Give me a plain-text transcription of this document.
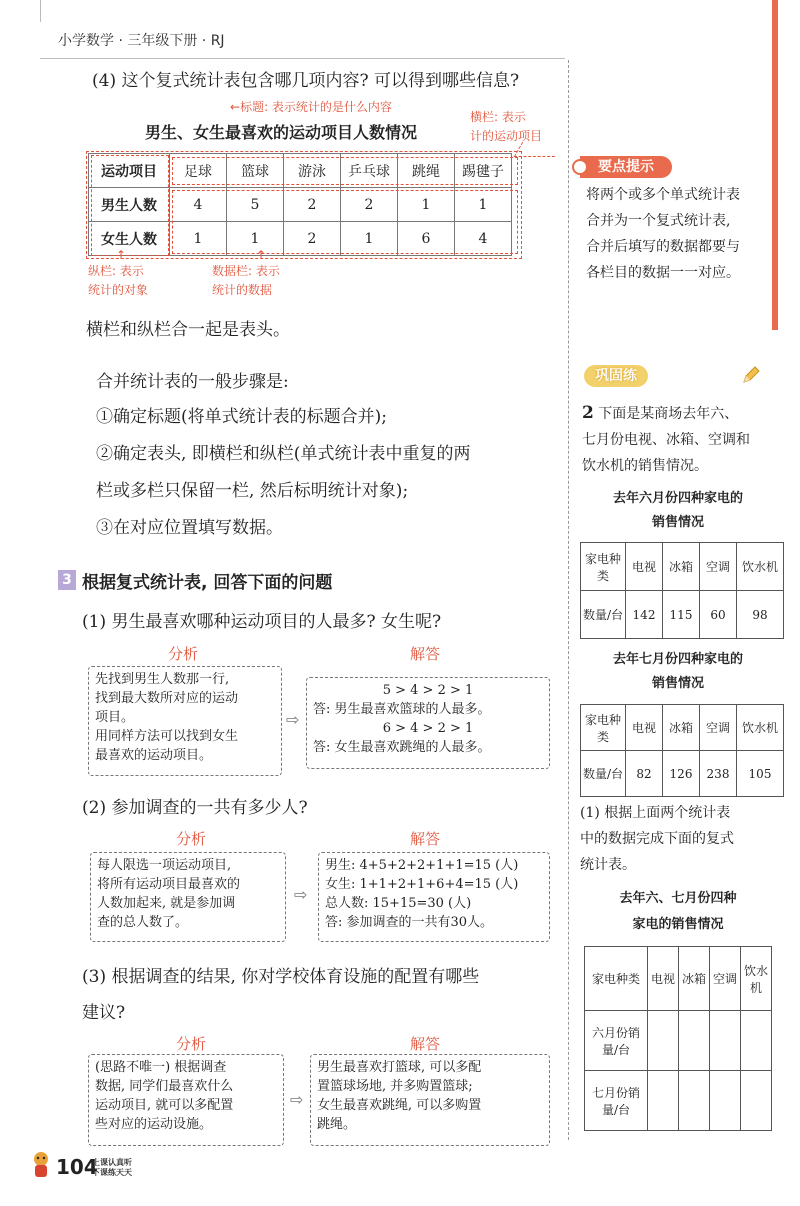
小学数学 · 三年级下册 · RJ
(4) 这个复式统计表包含哪几项内容? 可以得到哪些信息?
←标题: 表示统计的是什么内容
男生、女生最喜欢的运动项目人数情况
横栏: 表示
计的运动项目
运动项目	足球	篮球	游泳	乒乓球	跳绳	踢毽子
男生人数	4	5	2	2	1	1
女生人数	1	1	2	1	6	4
纵栏: 表示
统计的对象
↑
数据栏: 表示
统计的数据
↑
横栏和纵栏合一起是表头。
合并统计表的一般步骤是:
①确定标题(将单式统计表的标题合并);
②确定表头, 即横栏和纵栏(单式统计表中重复的两
栏或多栏只保留一栏, 然后标明统计对象);
③在对应位置填写数据。
3 根据复式统计表, 回答下面的问题
(1) 男生最喜欢哪种运动项目的人最多? 女生呢?
分析	解答
先找到男生人数那一行,
找到最大数所对应的运动
项目。
用同样方法可以找到女生
最喜欢的运动项目。
⇨
5 > 4 > 2 > 1
答: 男生最喜欢篮球的人最多。
6 > 4 > 2 > 1
答: 女生最喜欢跳绳的人最多。
(2) 参加调查的一共有多少人?
分析	解答
每人限选一项运动项目,
将所有运动项目最喜欢的
人数加起来, 就是参加调
查的总人数了。
⇨
男生: 4+5+2+2+1+1=15 (人)
女生: 1+1+2+1+6+4=15 (人)
总人数: 15+15=30 (人)
答: 参加调查的一共有30人。
(3) 根据调查的结果, 你对学校体育设施的配置有哪些
建议?
分析	解答
(思路不唯一) 根据调查
数据, 同学们最喜欢什么
运动项目, 就可以多配置
些对应的运动设施。
⇨
男生最喜欢打篮球, 可以多配
置篮球场地, 并多购置篮球;
女生最喜欢跳绳, 可以多购置
跳绳。
要点提示
将两个或多个单式统计表
合并为一个复式统计表,
合并后填写的数据都要与
各栏目的数据一一对应。
巩固练
2 下面是某商场去年六、
七月份电视、冰箱、空调和
饮水机的销售情况。
去年六月份四种家电的
销售情况
家电种类	电视	冰箱	空调	饮水机
数量/台	142	115	60	98
去年七月份四种家电的
销售情况
家电种类	电视	冰箱	空调	饮水机
数量/台	82	126	238	105
(1) 根据上面两个统计表
中的数据完成下面的复式
统计表。
去年六、七月份四种
家电的销售情况
家电种类	电视	冰箱	空调	饮水机
六月份销量/台				
七月份销量/台				
104
上课认真听
下课练天天
